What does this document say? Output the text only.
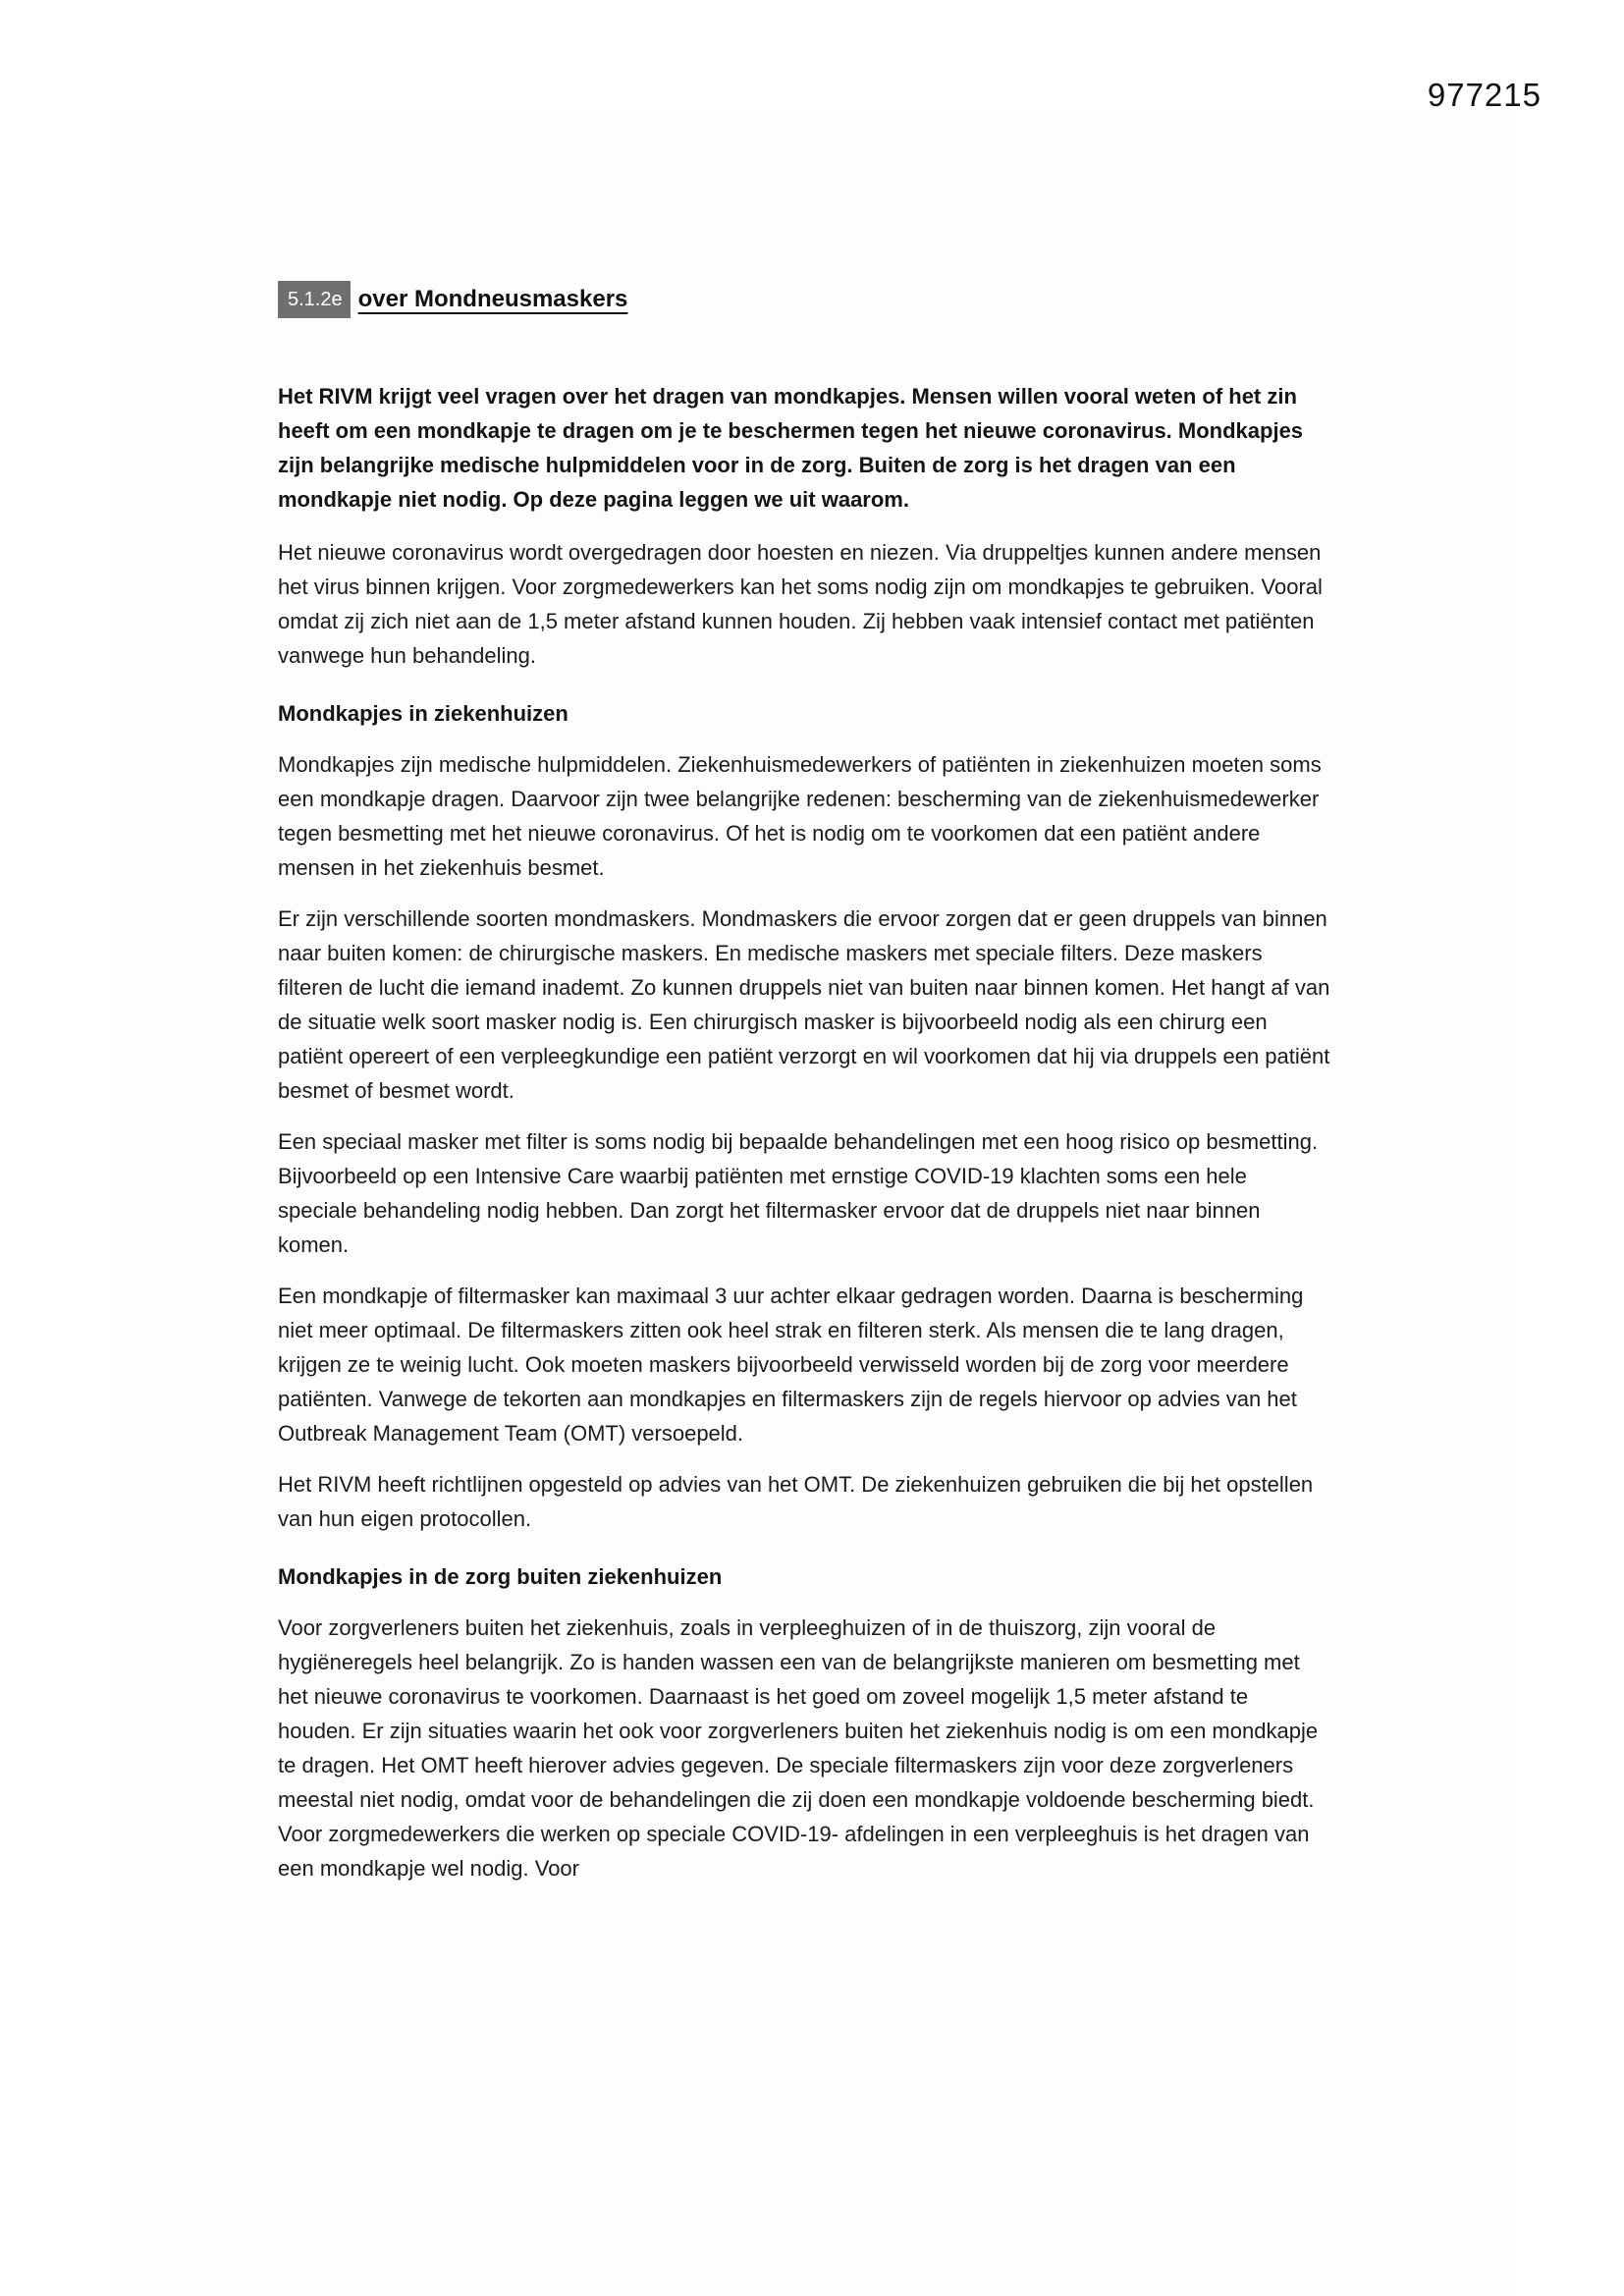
977215
5.1.2e over Mondneusmaskers

Het RIVM krijgt veel vragen over het dragen van mondkapjes. Mensen willen vooral weten of het zin heeft om een mondkapje te dragen om je te beschermen tegen het nieuwe coronavirus. Mondkapjes zijn belangrijke medische hulpmiddelen voor in de zorg. Buiten de zorg is het dragen van een mondkapje niet nodig. Op deze pagina leggen we uit waarom.

Het nieuwe coronavirus wordt overgedragen door hoesten en niezen. Via druppeltjes kunnen andere mensen het virus binnen krijgen. Voor zorgmedewerkers kan het soms nodig zijn om mondkapjes te gebruiken. Vooral omdat zij zich niet aan de 1,5 meter afstand kunnen houden. Zij hebben vaak intensief contact met patiënten vanwege hun behandeling.

Mondkapjes in ziekenhuizen

Mondkapjes zijn medische hulpmiddelen. Ziekenhuismedewerkers of patiënten in ziekenhuizen moeten soms een mondkapje dragen. Daarvoor zijn twee belangrijke redenen: bescherming van de ziekenhuismedewerker tegen besmetting met het nieuwe coronavirus. Of het is nodig om te voorkomen dat een patiënt andere mensen in het ziekenhuis besmet.

Er zijn verschillende soorten mondmaskers. Mondmaskers die ervoor zorgen dat er geen druppels van binnen naar buiten komen: de chirurgische maskers. En medische maskers met speciale filters. Deze maskers filteren de lucht die iemand inademt. Zo kunnen druppels niet van buiten naar binnen komen. Het hangt af van de situatie welk soort masker nodig is. Een chirurgisch masker is bijvoorbeeld nodig als een chirurg een patiënt opereert of een verpleegkundige een patiënt verzorgt en wil voorkomen dat hij via druppels een patiënt besmet of besmet wordt.

Een speciaal masker met filter is soms nodig bij bepaalde behandelingen met een hoog risico op besmetting. Bijvoorbeeld op een Intensive Care waarbij patiënten met ernstige COVID-19 klachten soms een hele speciale behandeling nodig hebben. Dan zorgt het filtermasker ervoor dat de druppels niet naar binnen komen.

Een mondkapje of filtermasker kan maximaal 3 uur achter elkaar gedragen worden. Daarna is bescherming niet meer optimaal. De filtermaskers zitten ook heel strak en filteren sterk. Als mensen die te lang dragen, krijgen ze te weinig lucht. Ook moeten maskers bijvoorbeeld verwisseld worden bij de zorg voor meerdere patiënten. Vanwege de tekorten aan mondkapjes en filtermaskers zijn de regels hiervoor op advies van het Outbreak Management Team (OMT) versoepeld.

Het RIVM heeft richtlijnen opgesteld op advies van het OMT. De ziekenhuizen gebruiken die bij het opstellen van hun eigen protocollen.

Mondkapjes in de zorg buiten ziekenhuizen

Voor zorgverleners buiten het ziekenhuis, zoals in verpleeghuizen of in de thuiszorg, zijn vooral de hygiëneregels heel belangrijk. Zo is handen wassen een van de belangrijkste manieren om besmetting met het nieuwe coronavirus te voorkomen. Daarnaast is het goed om zoveel mogelijk 1,5 meter afstand te houden. Er zijn situaties waarin het ook voor zorgverleners buiten het ziekenhuis nodig is om een mondkapje te dragen. Het OMT heeft hierover advies gegeven. De speciale filtermaskers zijn voor deze zorgverleners meestal niet nodig, omdat voor de behandelingen die zij doen een mondkapje voldoende bescherming biedt. Voor zorgmedewerkers die werken op speciale COVID-19- afdelingen in een verpleeghuis is het dragen van een mondkapje wel nodig. Voor
